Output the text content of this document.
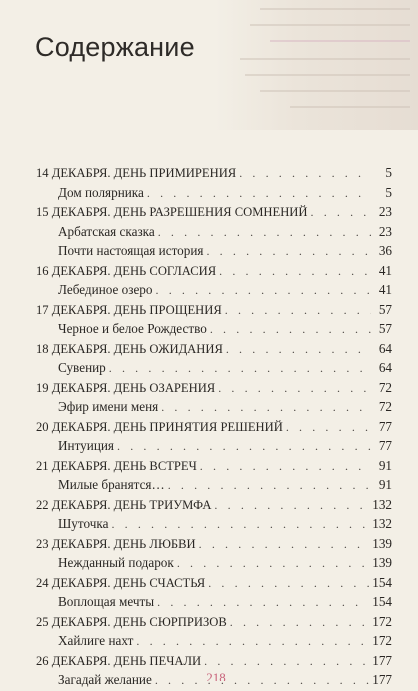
Содержание
14 ДЕКАБРЯ. ДЕНЬ ПРИМИРЕНИЯ . . .	5
Дом полярника . . .	5
15 ДЕКАБРЯ. ДЕНЬ РАЗРЕШЕНИЯ СОМНЕНИЙ . . .	23
Арбатская сказка . . .	23
Почти настоящая история . . .	36
16 ДЕКАБРЯ. ДЕНЬ СОГЛАСИЯ . . .	41
Лебединое озеро . . .	41
17 ДЕКАБРЯ. ДЕНЬ ПРОЩЕНИЯ . . .	57
Черное и белое Рождество . . .	57
18 ДЕКАБРЯ. ДЕНЬ ОЖИДАНИЯ . . .	64
Сувенир . . .	64
19 ДЕКАБРЯ. ДЕНЬ ОЗАРЕНИЯ . . .	72
Эфир имени меня . . .	72
20 ДЕКАБРЯ. ДЕНЬ ПРИНЯТИЯ РЕШЕНИЙ . . .	77
Интуиция . . .	77
21 ДЕКАБРЯ. ДЕНЬ ВСТРЕЧ . . .	91
Милые бранятся… . . .	91
22 ДЕКАБРЯ. ДЕНЬ ТРИУМФА . . .	132
Шуточка . . .	132
23 ДЕКАБРЯ. ДЕНЬ ЛЮБВИ . . .	139
Нежданный подарок . . .	139
24 ДЕКАБРЯ. ДЕНЬ СЧАСТЬЯ . . .	154
Воплощая мечты . . .	154
25 ДЕКАБРЯ. ДЕНЬ СЮРПРИЗОВ . . .	172
Хайлиге нахт . . .	172
26 ДЕКАБРЯ. ДЕНЬ ПЕЧАЛИ . . .	177
Загадай желание . . .	177
218
